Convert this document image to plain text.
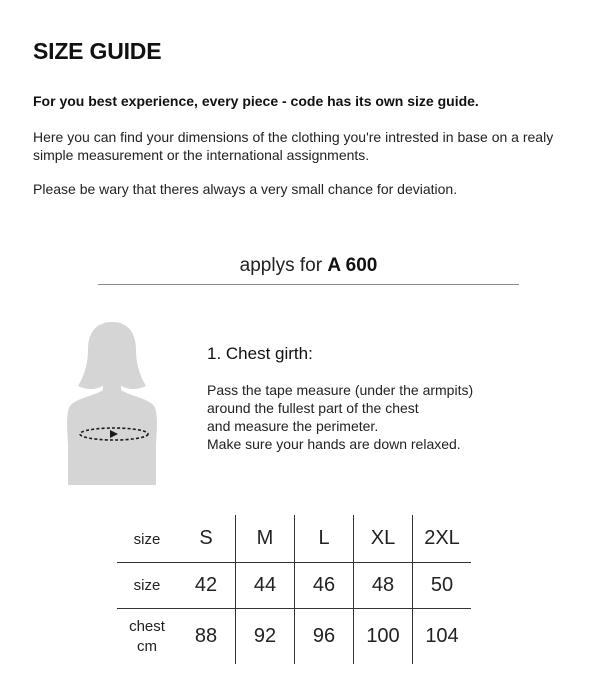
SIZE GUIDE
For you best experience, every piece - code has its own size guide.
Here you can find your dimensions of the clothing you're intrested in base on a realy simple measurement or the international assignments.
Please be wary that theres always a very small chance for deviation.
applys for A 600
1. Chest girth:
Pass the tape measure (under the armpits)
around the fullest part of the chest
and measure the perimeter.
Make sure your hands are down relaxed.
size	S	M	L	XL	2XL
size	42	44	46	48	50
chest
cm	88	92	96	100	104
